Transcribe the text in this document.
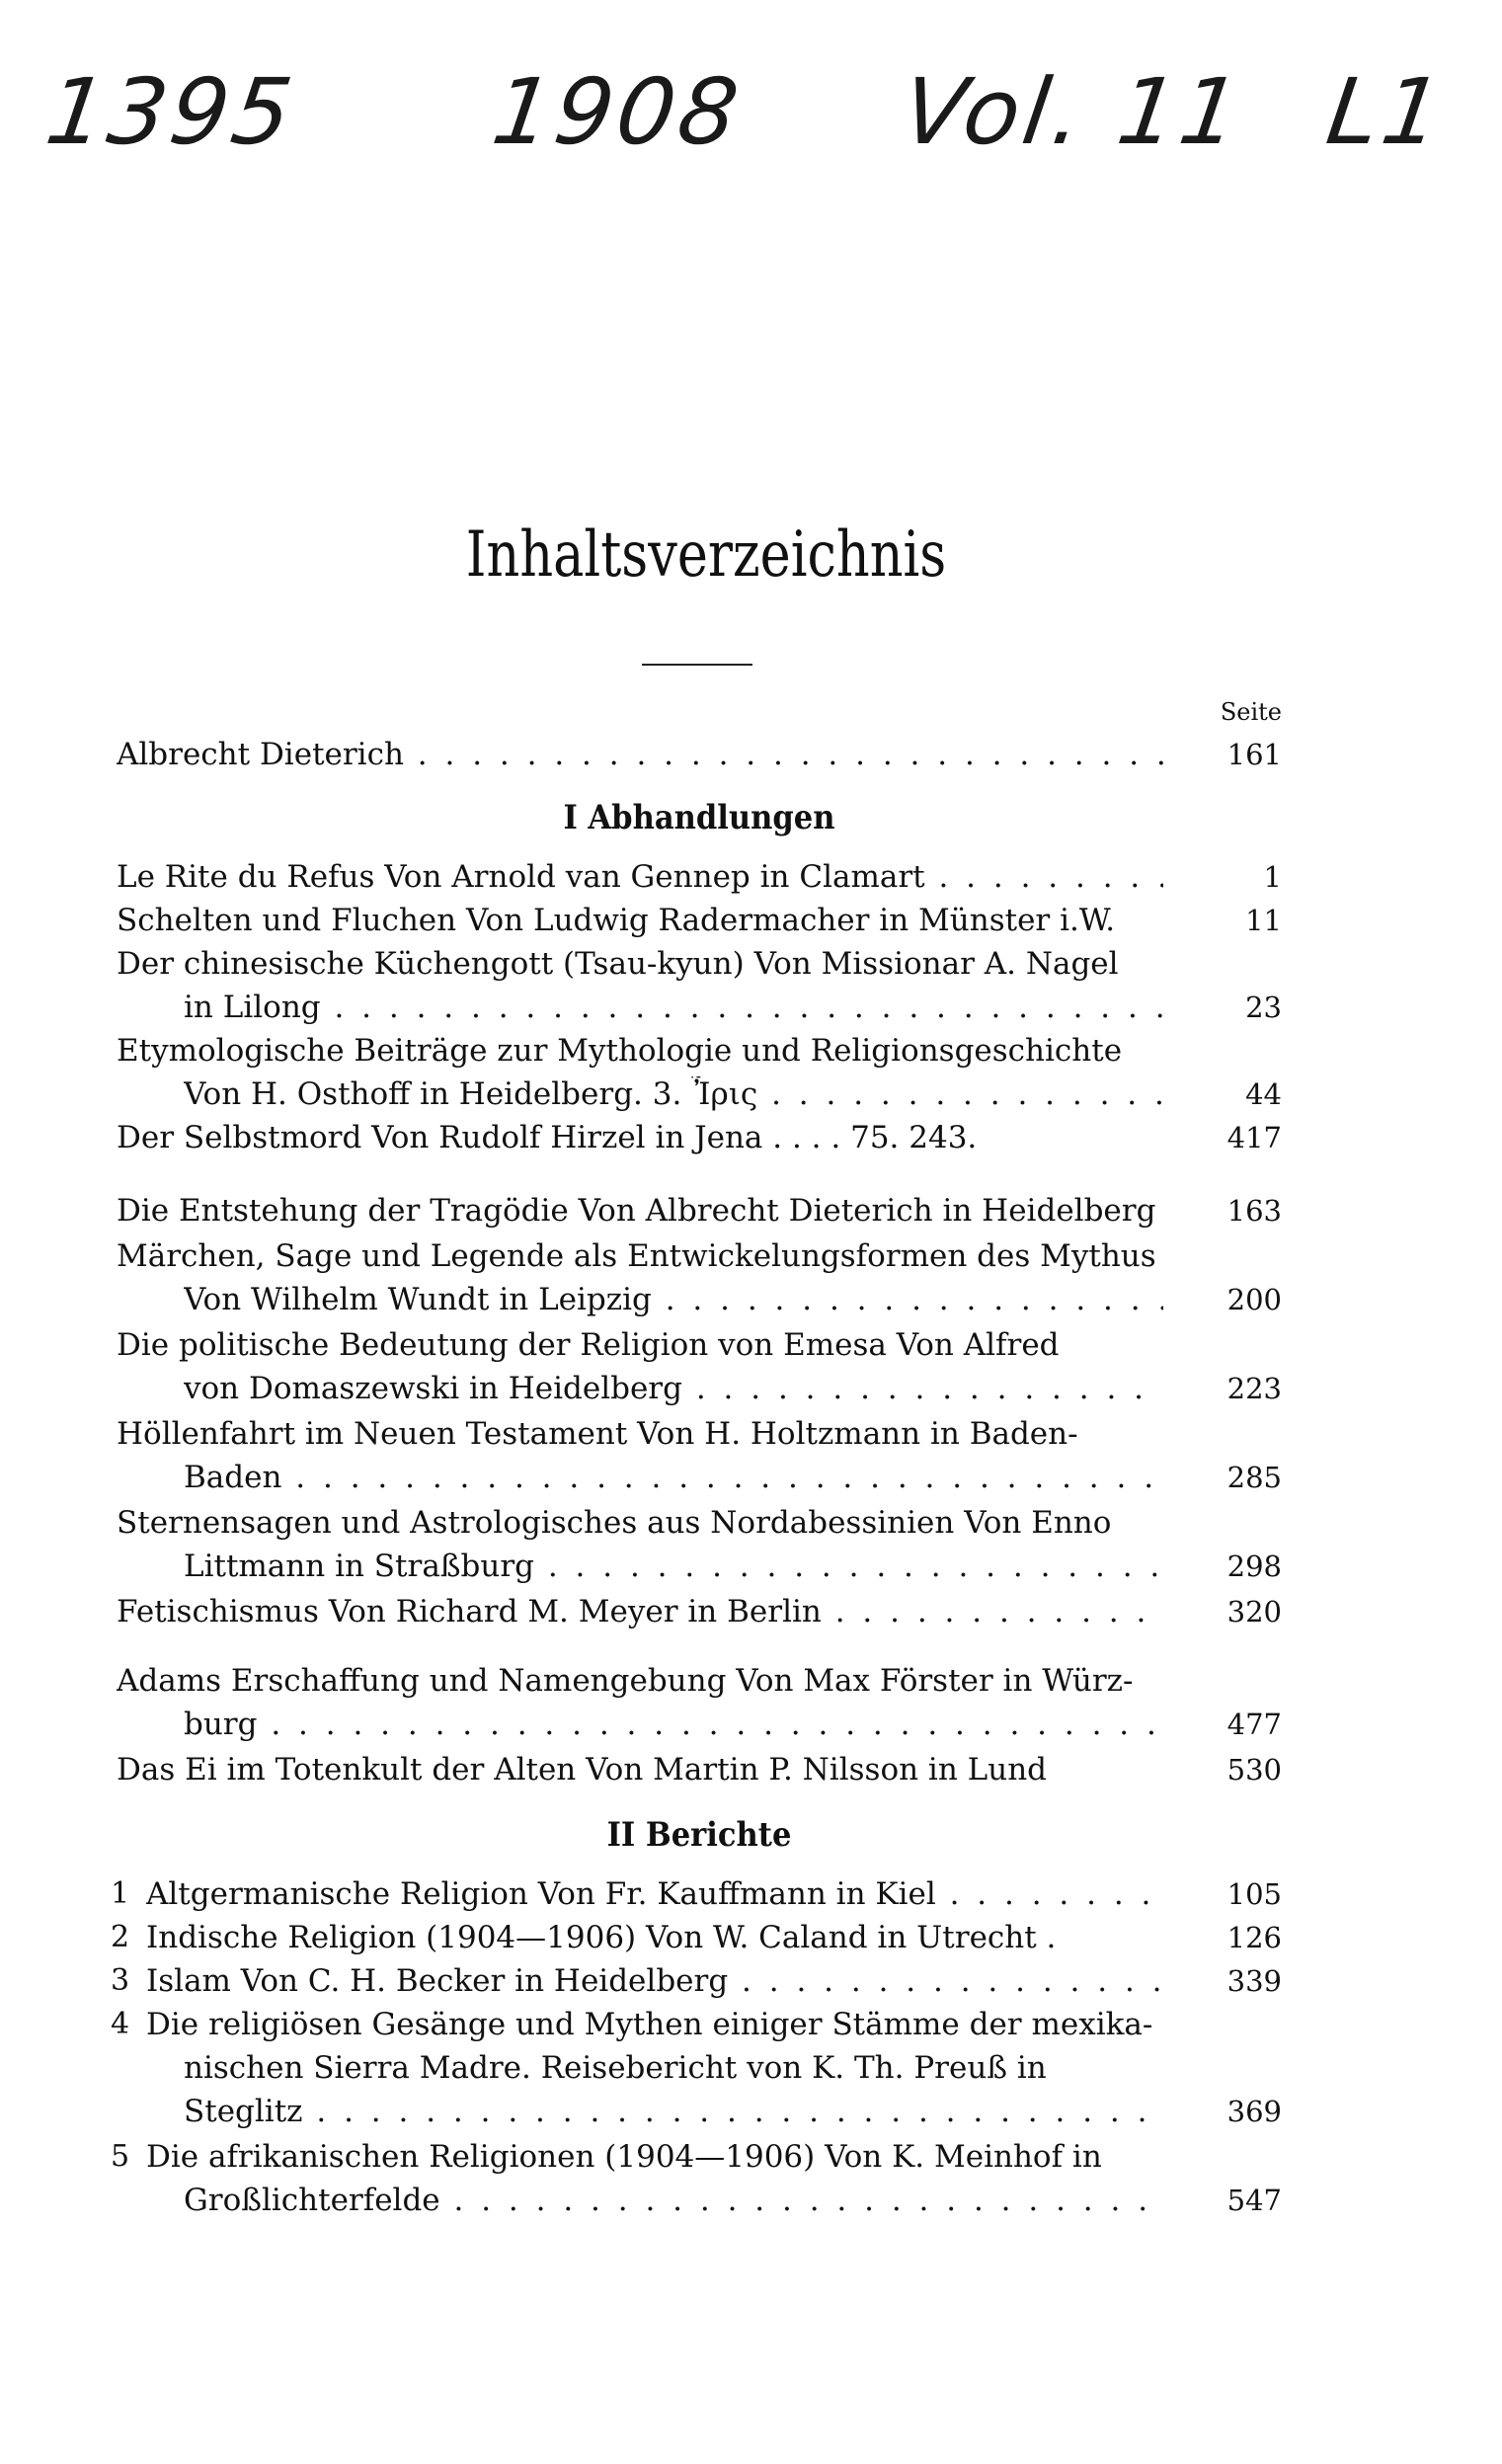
1395 1908 Vol. 11 L1
Inhaltsverzeichnis
Seite
Albrecht Dieterich . . .	161
I Abhandlungen
Le Rite du Refus Von Arnold van Gennep in Clamart . . .	1
Schelten und Fluchen Von Ludwig Radermacher in Münster i.W.	11
Der chinesische Küchengott (Tsau-kyun) Von Missionar A. Nagel
in Lilong . . .	23
Etymologische Beiträge zur Mythologie und Religionsgeschichte
Von H. Osthoff in Heidelberg. 3. Ἶρις . . .	44
Der Selbstmord Von Rudolf Hirzel in Jena . . . . 75. 243.	417
Die Entstehung der Tragödie Von Albrecht Dieterich in Heidelberg	163
Märchen, Sage und Legende als Entwickelungsformen des Mythus
Von Wilhelm Wundt in Leipzig . . .	200
Die politische Bedeutung der Religion von Emesa Von Alfred
von Domaszewski in Heidelberg . . .	223
Höllenfahrt im Neuen Testament Von H. Holtzmann in Baden-
Baden . . .	285
Sternensagen und Astrologisches aus Nordabessinien Von Enno
Littmann in Straßburg . . .	298
Fetischismus Von Richard M. Meyer in Berlin . . .	320
Adams Erschaffung und Namengebung Von Max Förster in Würz-
burg . . .	477
Das Ei im Totenkult der Alten Von Martin P. Nilsson in Lund	530
II Berichte
1 Altgermanische Religion Von Fr. Kauffmann in Kiel . . .	105
2 Indische Religion (1904—1906) Von W. Caland in Utrecht .	126
3 Islam Von C. H. Becker in Heidelberg . . .	339
4 Die religiösen Gesänge und Mythen einiger Stämme der mexika-
nischen Sierra Madre. Reisebericht von K. Th. Preuß in
Steglitz . . .	369
5 Die afrikanischen Religionen (1904—1906) Von K. Meinhof in
Großlichterfelde . . .	547
